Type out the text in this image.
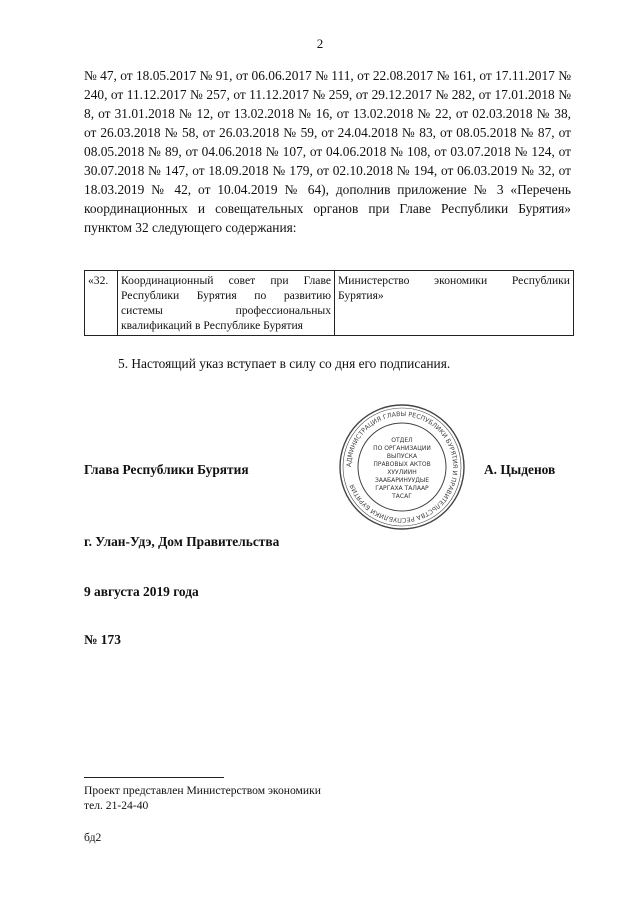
2

№ 47, от 18.05.2017 № 91, от 06.06.2017 № 111, от 22.08.2017 № 161, от 17.11.2017 № 240, от 11.12.2017 № 257, от 11.12.2017 № 259, от 29.12.2017 № 282, от 17.01.2018 № 8, от 31.01.2018 № 12, от 13.02.2018 № 16, от 13.02.2018 № 22, от 02.03.2018 № 38, от 26.03.2018 № 58, от 26.03.2018 № 59, от 24.04.2018 № 83, от 08.05.2018 № 87, от 08.05.2018 № 89, от 04.06.2018 № 107, от 04.06.2018 № 108, от 03.07.2018 № 124, от 30.07.2018 № 147, от 18.09.2018 № 179, от 02.10.2018 № 194, от 06.03.2019 № 32, от 18.03.2019 № 42, от 10.04.2019 № 64), дополнив приложение № 3 «Перечень координационных и совещательных органов при Главе Республики Бурятия» пунктом 32 следующего содержания:

«32.	Координационный совет при Главе Республики Бурятия по развитию системы профессиональных квалификаций в Республике Бурятия	Министерство экономики Республики Бурятия»
5. Настоящий указ вступает в силу со дня его подписания.
Глава Республики Бурятия	А. Цыденов
АДМИНИСТРАЦИЯ ГЛАВЫ РЕСПУБЛИКИ БУРЯТИЯ И ПРАВИТЕЛЬСТВА РЕСПУБЛИКИ БУРЯТИЯ
ОТДЕЛ
ПО ОРГАНИЗАЦИИ
ВЫПУСКА
ПРАВОВЫХ АКТОВ
ХУУЛИИН
ЗААБАРИНУУДЫЕ
ГАРГАХА ТАЛААР
ТАСАГ
г. Улан-Удэ, Дом Правительства
9 августа 2019 года
№ 173
Проект представлен Министерством экономики
тел. 21-24-40
бд2
